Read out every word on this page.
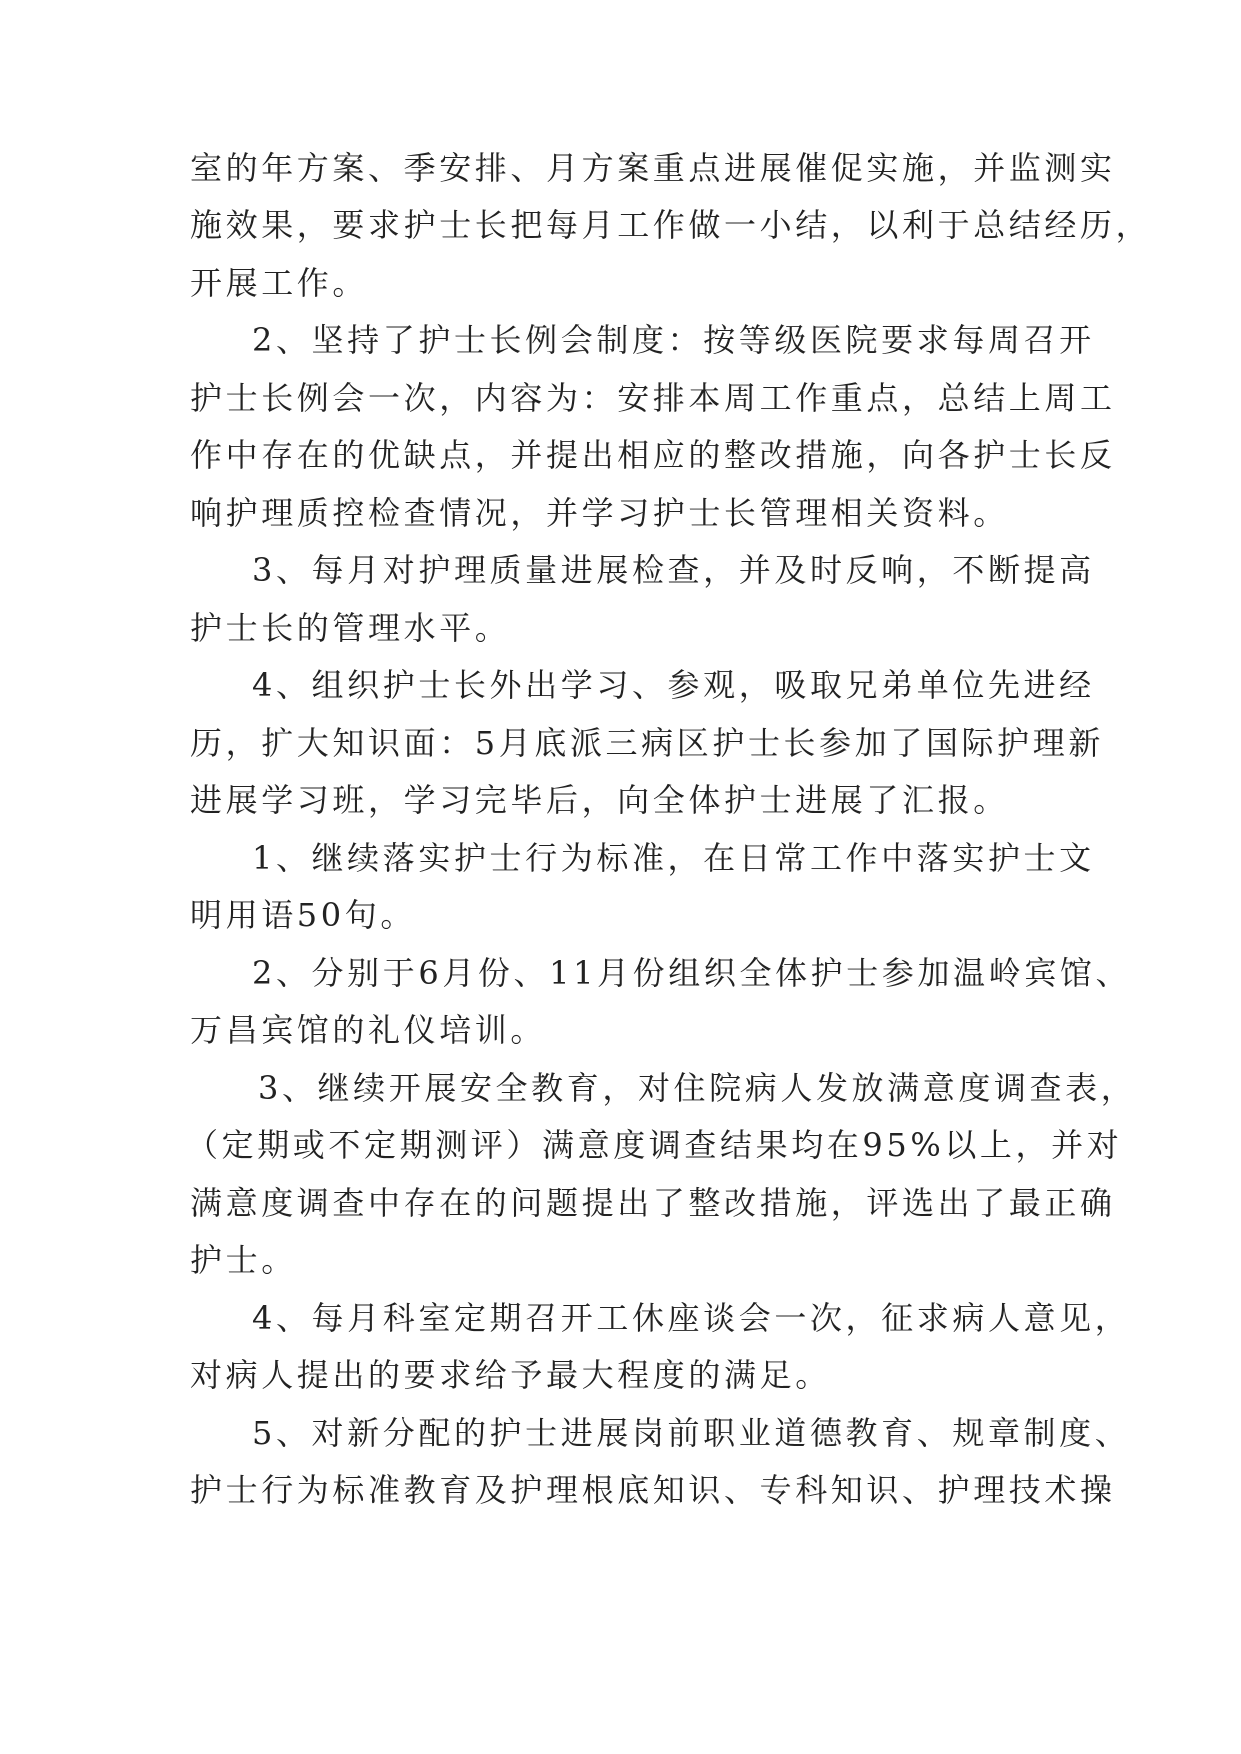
室的年方案、季安排、月方案重点进展催促实施，并监测实
施效果，要求护士长把每月工作做一小结，以利于总结经历，
开展工作。
2、坚持了护士长例会制度：按等级医院要求每周召开
护士长例会一次，内容为：安排本周工作重点，总结上周工
作中存在的优缺点，并提出相应的整改措施，向各护士长反
响护理质控检查情况，并学习护士长管理相关资料。
3、每月对护理质量进展检查，并及时反响，不断提高
护士长的管理水平。
4、组织护士长外出学习、参观，吸取兄弟单位先进经
历，扩大知识面：5月底派三病区护士长参加了国际护理新
进展学习班，学习完毕后，向全体护士进展了汇报。
1、继续落实护士行为标准，在日常工作中落实护士文
明用语50句。
2、分别于6月份、11月份组织全体护士参加温岭宾馆、
万昌宾馆的礼仪培训。
3、继续开展安全教育，对住院病人发放满意度调查表，
（定期或不定期测评）满意度调查结果均在95%以上，并对
满意度调查中存在的问题提出了整改措施，评选出了最正确
护士。
4、每月科室定期召开工休座谈会一次，征求病人意见，
对病人提出的要求给予最大程度的满足。
5、对新分配的护士进展岗前职业道德教育、规章制度、
护士行为标准教育及护理根底知识、专科知识、护理技术操
